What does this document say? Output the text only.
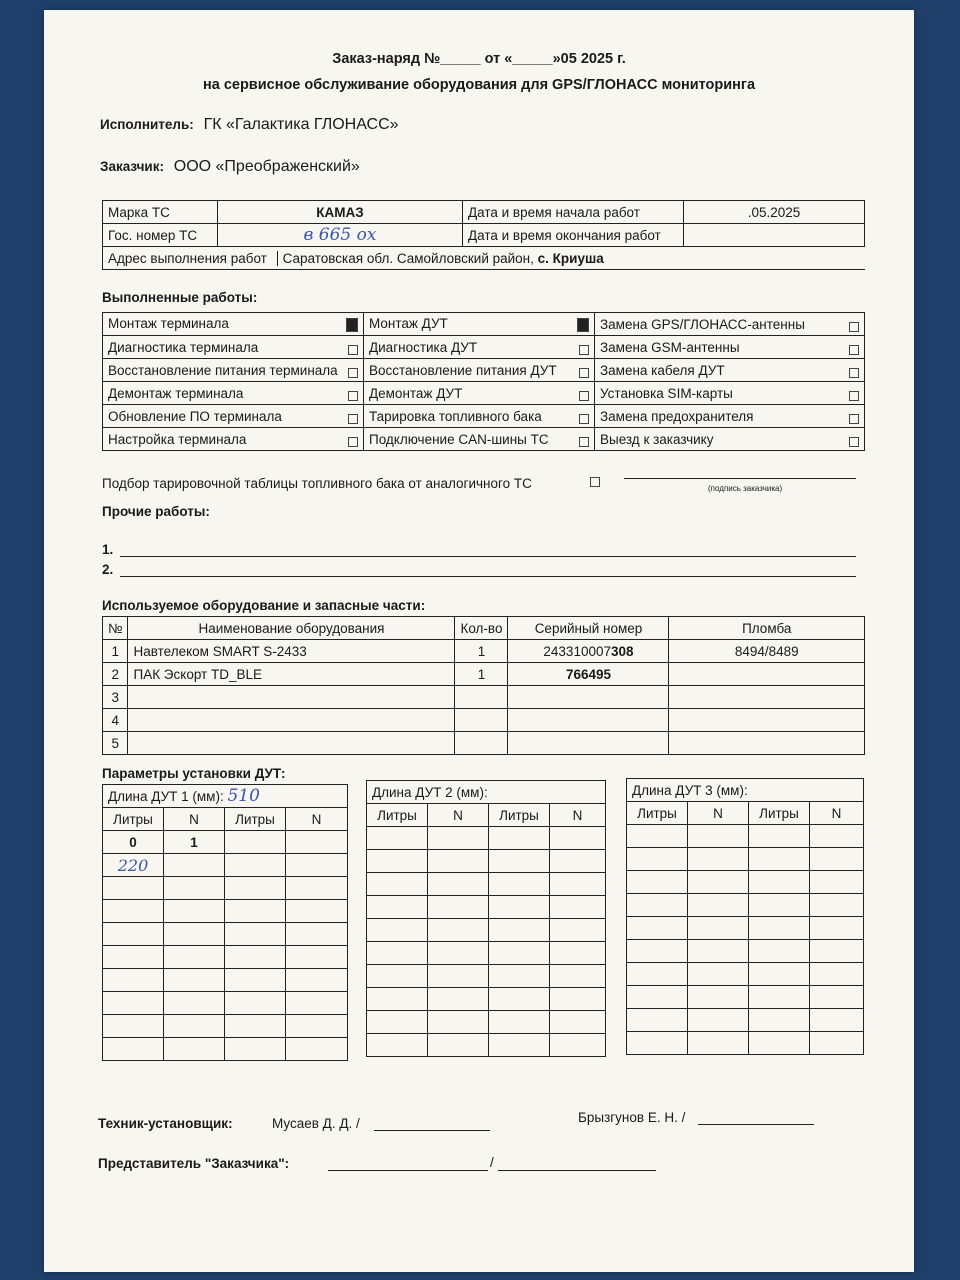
Заказ-наряд №_____ от «_____»05 2025 г.
на сервисное обслуживание оборудования для GPS/ГЛОНАСС мониторинга
Исполнитель: ГК «Галактика ГЛОНАСС»
Заказчик: ООО «Преображенский»
Марка ТС	КАМАЗ	Дата и время начала работ	.05.2025
Гос. номер ТС	в 665 ох	Дата и время окончания работ	
Адрес выполнения работ Саратовская обл. Самойловский район, с. Криуша			
Выполненные работы:
Монтаж терминала	Монтаж ДУТ	Замена GPS/ГЛОНАСС-антенны

Диагностика терминала	Диагностика ДУТ	Замена GSM-антенны

Восстановление питания терминала	Восстановление питания ДУТ	Замена кабеля ДУТ

Демонтаж терминала	Демонтаж ДУТ	Установка SIM-карты

Обновление ПО терминала	Тарировка топливного бака	Замена предохранителя

Настройка терминала	Подключение CAN-шины ТС	Выезд к заказчику
Подбор тарировочной таблицы топливного бака от аналогичного ТС	(подпись заказчика)
Прочие работы:
1.
2.
Используемое оборудование и запасные части:
№	Наименование оборудования	Кол-во	Серийный номер	Пломба
1	Навтелеком SMART S-2433	1	243310007308	8494/8489
2	ПАК Эскорт TD_BLE	1	766495	
3				
4				
5				
Параметры установки ДУТ:
Длина ДУТ 1 (мм): 510			
Литры	N	Литры	N
0	1		
220			

Длина ДУТ 2 (мм):			
Литры	N	Литры	N

Длина ДУТ 3 (мм):			
Литры	N	Литры	N

Техник-установщик:	Мусаев Д. Д. /	Брызгунов Е. Н. /
Представитель "Заказчика":	/
